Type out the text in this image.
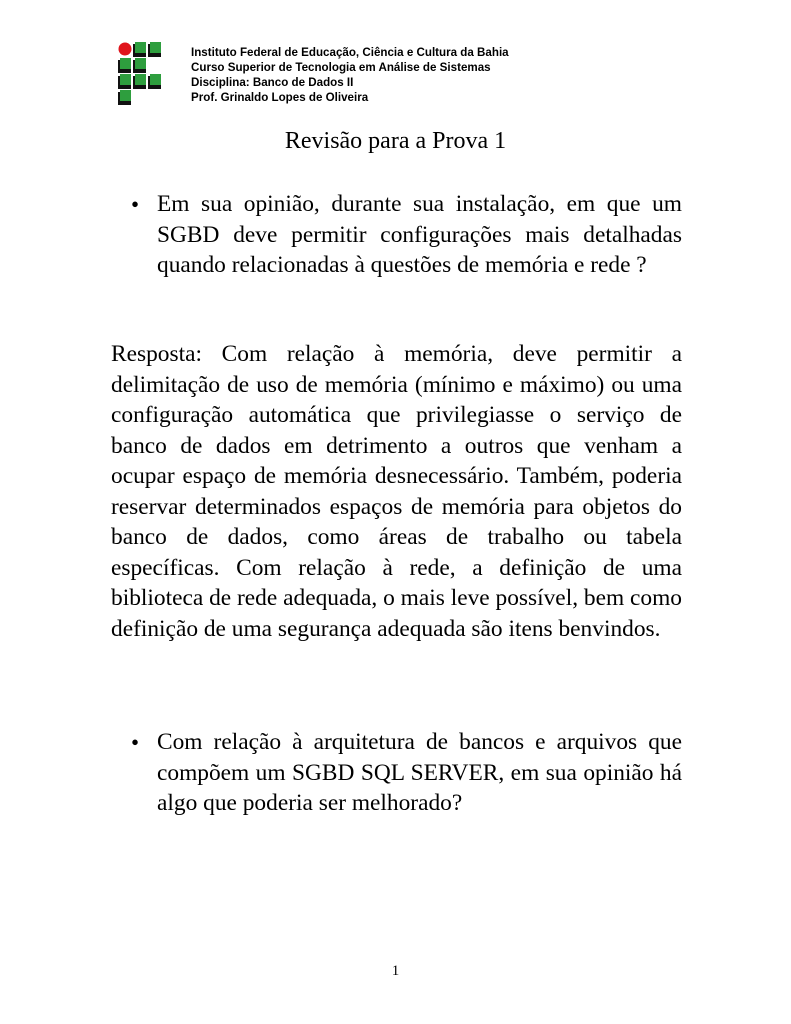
Instituto Federal de Educação, Ciência e Cultura da Bahia
Curso Superior de Tecnologia em Análise de Sistemas
Disciplina: Banco de Dados II
Prof. Grinaldo Lopes de Oliveira
Revisão para a Prova 1
• Em sua opinião, durante sua instalação, em que um SGBD deve permitir configurações mais detalhadas quando relacionadas à questões de memória e rede ?
Resposta: Com relação à memória, deve permitir a delimitação de uso de memória (mínimo e máximo) ou uma configuração automática que privilegiasse o serviço de banco de dados em detrimento a outros que venham a ocupar espaço de memória desnecessário. Também, poderia reservar determinados espaços de memória para objetos do banco de dados, como áreas de trabalho ou tabela específicas. Com relação à rede, a definição de uma biblioteca de rede adequada, o mais leve possível, bem como definição de uma segurança adequada são itens benvindos.
• Com relação à arquitetura de bancos e arquivos que compõem um SGBD SQL SERVER, em sua opinião há algo que poderia ser melhorado?
1
